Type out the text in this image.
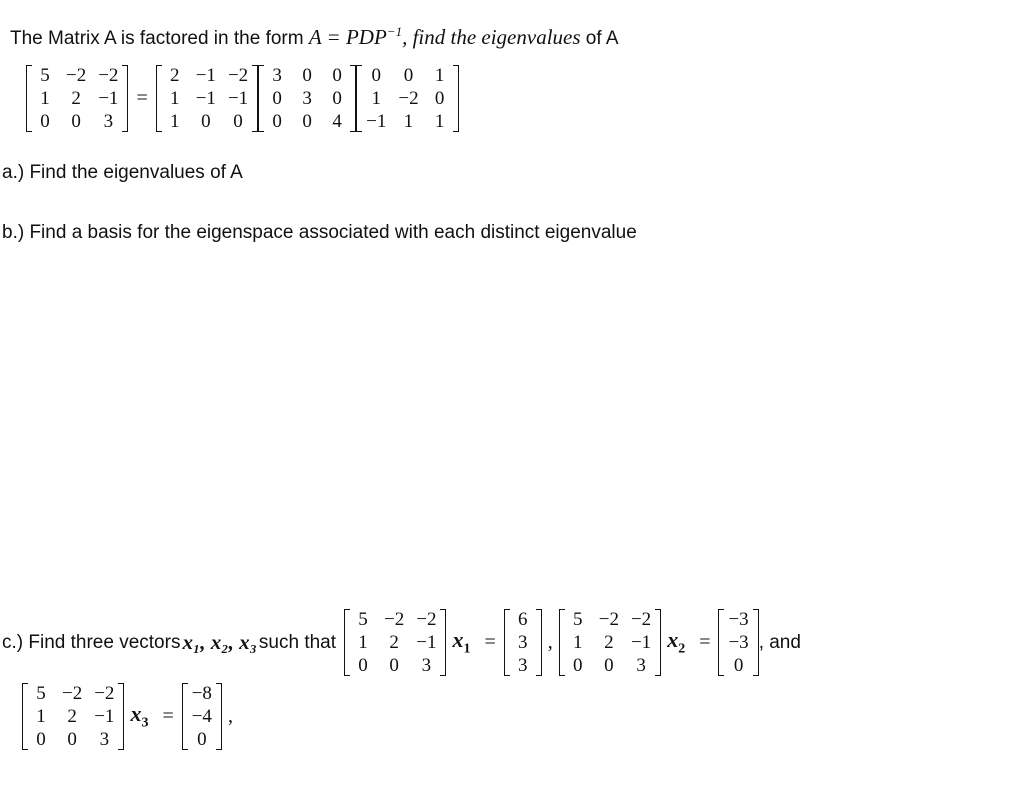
The Matrix A is factored in the form $A = PDP^{-1}$, find the eigenvalues of A
5	−2	−2
1	2	−1
0	0	3
=
2	−1	−2
1	−1	−1
1	0	0
3	0	0
0	3	0
0	0	4
0	0	1
1	−2	0
−1	1	1
a.) Find the eigenvalues of A
b.) Find a basis for the eigenspace associated with each distinct eigenvalue
c.) Find three vectors x₁, x₂, x₃ such that
5	−2	−2
1	2	−1
0	0	3
$x_1$ =
6
3
3
,
5	−2	−2
1	2	−1
0	0	3
$x_2$ =
−3
−3
0
, and
5	−2	−2
1	2	−1
0	0	3
$x_3$ =
−8
−4
0
,
